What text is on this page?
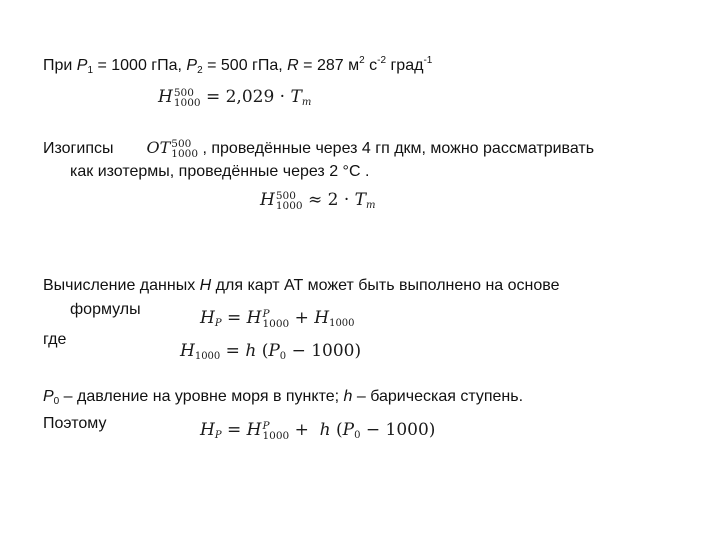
При $P_1 = 1000$ гПа, $P_2 = 500$ гПа, R = 287 $м^2$ $с^{-2}$ град$^{-1}$
H 500
$1000 = 2,029 \cdot T_m$
Изогипсы OT 500
1000 , проведённые через 4 гп дкм, можно рассматривать
как изотермы, проведённые через 2 °С .
H 500
$1000 \approx 2 \cdot T_m$
Вычисление данных H для карт АТ может быть выполнено на основе
формулы	$H_P = H$ P
$1000 + H_{1000}$
где
$H_{1000} = h$ $(P_0 - 1000)$
$P_0$ – давление на уровне моря в пункте; h – барическая ступень.
Поэтому	$H_P = H$ P
1000 +  h $(P_0 - 1000)$
